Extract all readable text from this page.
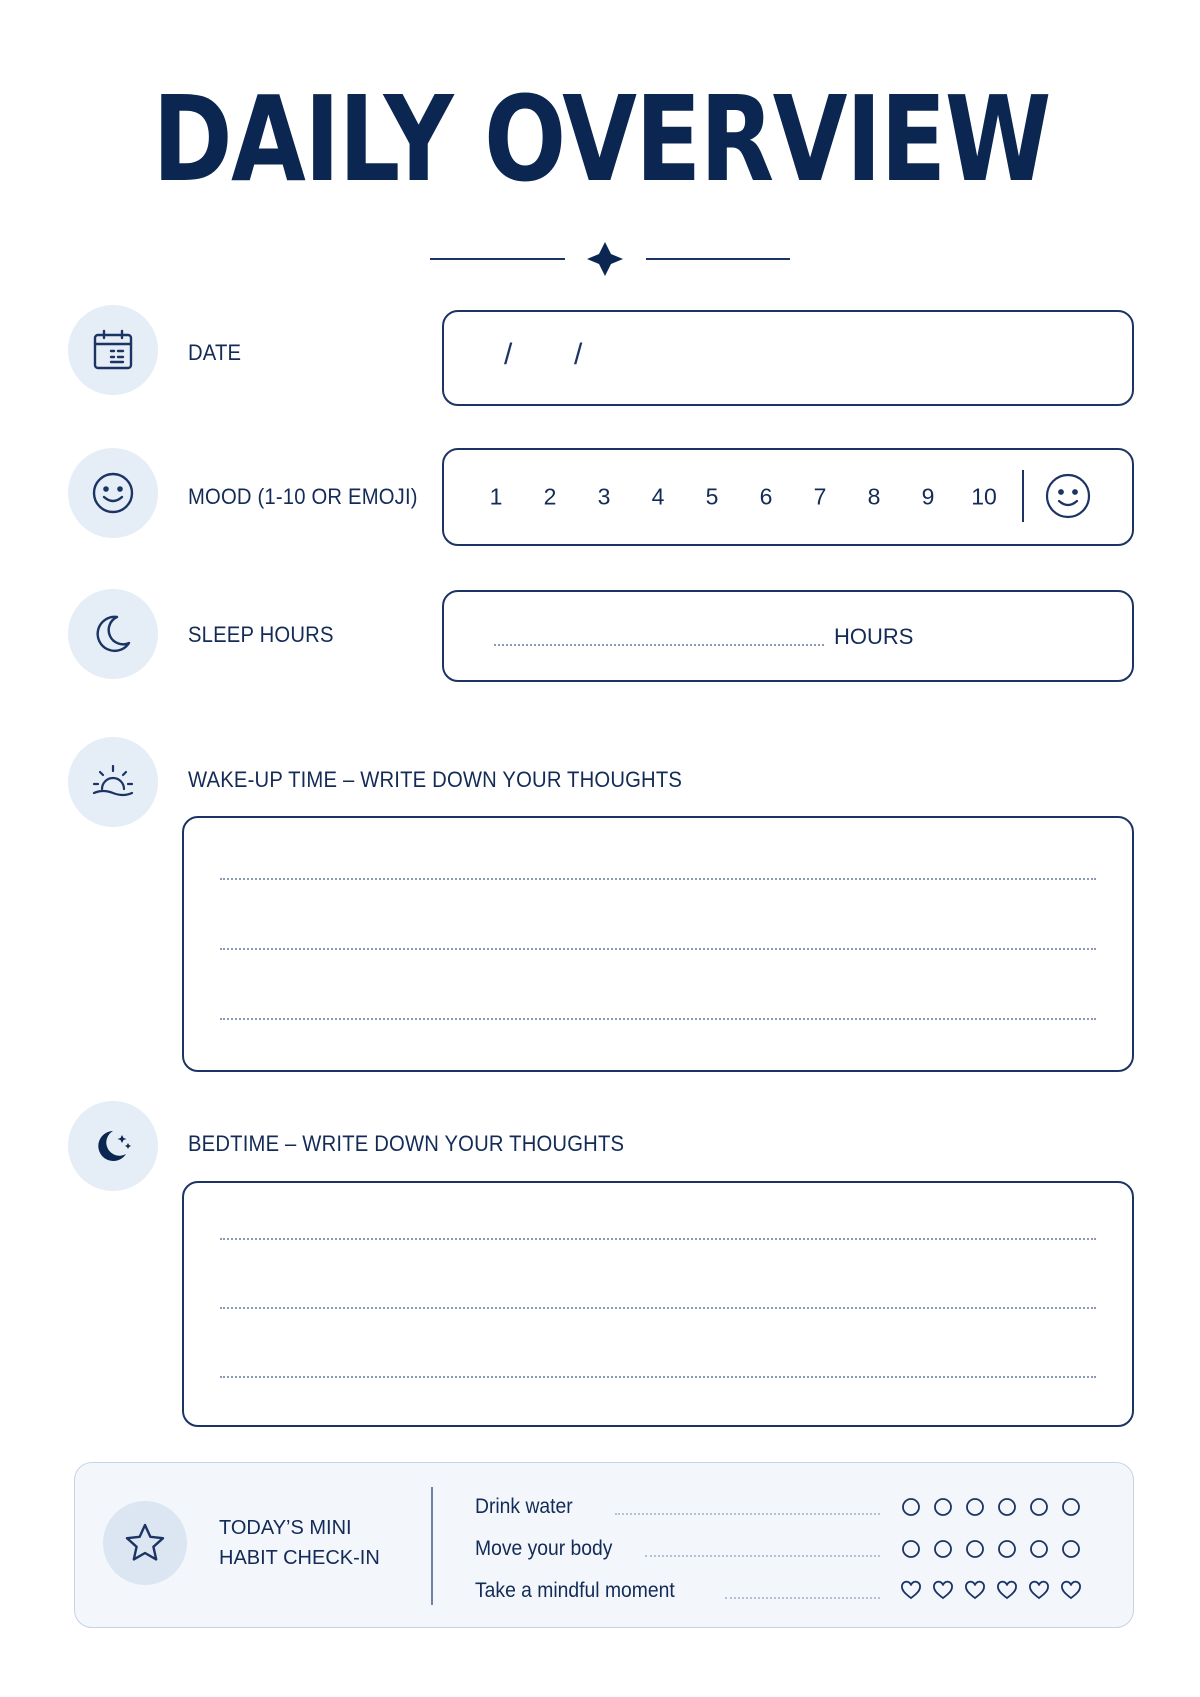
DAILY OVERVIEW
DATE	/ /
MOOD (1-10 OR EMOJI)	1 2 3 4 5 6 7 8 9 10
SLEEP HOURS	HOURS
WAKE-UP TIME – WRITE DOWN YOUR THOUGHTS
BEDTIME – WRITE DOWN YOUR THOUGHTS
TODAY’S MINI
HABIT CHECK-IN
Drink water
Move your body
Take a mindful moment
